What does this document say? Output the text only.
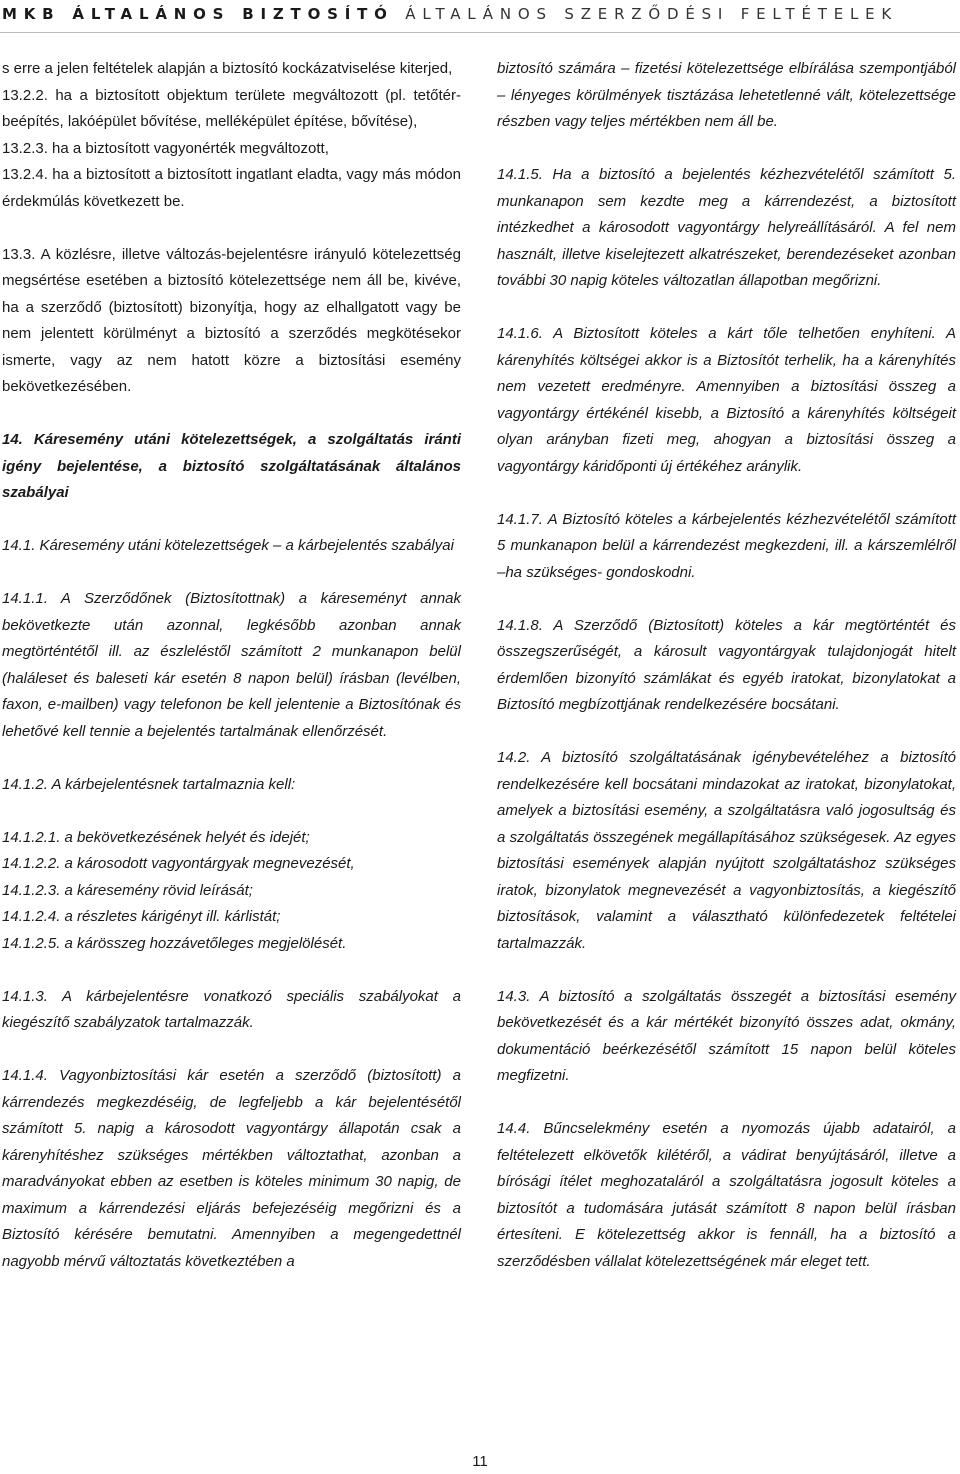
MKB ÁLTALÁNOS BIZTOSÍTÓ ÁLTALÁNOS SZERZŐDÉSI FELTÉTELEK

s erre a jelen feltételek alapján a biztosító kockázatviselése kiterjed,

13.2.2. ha a biztosított objektum területe megváltozott (pl. tetőtér-beépítés, lakóépület bővítése, melléképület építése, bővítése),

13.2.3. ha a biztosított vagyonérték megváltozott,

13.2.4. ha a biztosított a biztosított ingatlant eladta, vagy más módon érdekmúlás következett be.

13.3. A közlésre, illetve változás-bejelentésre irányuló kötelezettség megsértése esetében a biztosító kötelezettsége nem áll be, kivéve, ha a szerződő (biztosított) bizonyítja, hogy az elhallgatott vagy be nem jelentett körülményt a biztosító a szerződés megkötésekor ismerte, vagy az nem hatott közre a biztosítási esemény bekövetkezésében.

14. Káresemény utáni kötelezettségek, a szolgáltatás iránti igény bejelentése, a biztosító szolgáltatásának általános szabályai

14.1. Káresemény utáni kötelezettségek – a kárbejelentés szabályai

14.1.1. A Szerződőnek (Biztosítottnak) a káreseményt annak bekövetkezte után azonnal, legkésőbb azonban annak megtörténtétől ill. az észleléstől számított 2 munkanapon belül (haláleset és baleseti kár esetén 8 napon belül) írásban (levélben, faxon, e-mailben) vagy telefonon be kell jelentenie a Biztosítónak és lehetővé kell tennie a bejelentés tartalmának ellenőrzését.

14.1.2. A kárbejelentésnek tartalmaznia kell:

14.1.2.1. a bekövetkezésének helyét és idejét;

14.1.2.2. a károsodott vagyontárgyak megnevezését,

14.1.2.3. a káresemény rövid leírását;

14.1.2.4. a részletes kárigényt ill. kárlistát;

14.1.2.5. a kárösszeg hozzávetőleges megjelölését.

14.1.3. A kárbejelentésre vonatkozó speciális szabályokat a kiegészítő szabályzatok tartalmazzák.

14.1.4. Vagyonbiztosítási kár esetén a szerződő (biztosított) a kárrendezés megkezdéséig, de legfeljebb a kár bejelentésétől számított 5. napig a károsodott vagyontárgy állapotán csak a kárenyhítéshez szükséges mértékben változtathat, azonban a maradványokat ebben az esetben is köteles minimum 30 napig, de maximum a kárrendezési eljárás befejezéséig megőrizni és a Biztosító kérésére bemutatni. Amennyiben a megengedettnél nagyobb mérvű változtatás következtében a

biztosító számára – fizetési kötelezettsége elbírálása szempontjából – lényeges körülmények tisztázása lehetetlenné vált, kötelezettsége részben vagy teljes mértékben nem áll be.

14.1.5. Ha a biztosító a bejelentés kézhezvételétől számított 5. munkanapon sem kezdte meg a kárrendezést, a biztosított intézkedhet a károsodott vagyontárgy helyreállításáról. A fel nem használt, illetve kiselejtezett alkatrészeket, berendezéseket azonban további 30 napig köteles változatlan állapotban megőrizni.

14.1.6. A Biztosított köteles a kárt tőle telhetően enyhíteni. A kárenyhítés költségei akkor is a Biztosítót terhelik, ha a kárenyhítés nem vezetett eredményre. Amennyiben a biztosítási összeg a vagyontárgy értékénél kisebb, a Biztosító a kárenyhítés költségeit olyan arányban fizeti meg, ahogyan a biztosítási összeg a vagyontárgy káridőponti új értékéhez aránylik.

14.1.7. A Biztosító köteles a kárbejelentés kézhezvételétől számított 5 munkanapon belül a kárrendezést megkezdeni, ill. a kárszemlélről –ha szükséges- gondoskodni.

14.1.8. A Szerződő (Biztosított) köteles a kár megtörténtét és összegszerűségét, a károsult vagyontárgyak tulajdonjogát hitelt érdemlően bizonyító számlákat és egyéb iratokat, bizonylatokat a Biztosító megbízottjának rendelkezésére bocsátani.

14.2. A biztosító szolgáltatásának igénybevételéhez a biztosító rendelkezésére kell bocsátani mindazokat az iratokat, bizonylatokat, amelyek a biztosítási esemény, a szolgáltatásra való jogosultság és a szolgáltatás összegének megállapításához szükségesek. Az egyes biztosítási események alapján nyújtott szolgáltatáshoz szükséges iratok, bizonylatok megnevezését a vagyonbiztosítás, a kiegészítő biztosítások, valamint a választható különfedezetek feltételei tartalmazzák.

14.3. A biztosító a szolgáltatás összegét a biztosítási esemény bekövetkezését és a kár mértékét bizonyító összes adat, okmány, dokumentáció beérkezésétől számított 15 napon belül köteles megfizetni.

14.4. Bűncselekmény esetén a nyomozás újabb adatairól, a feltételezett elkövetők kilétéről, a vádirat benyújtásáról, illetve a bírósági ítélet meghozataláról a szolgáltatásra jogosult köteles a biztosítót a tudomására jutását számított 8 napon belül írásban értesíteni. E kötelezettség akkor is fennáll, ha a biztosító a szerződésben vállalat kötelezettségének már eleget tett.

11
